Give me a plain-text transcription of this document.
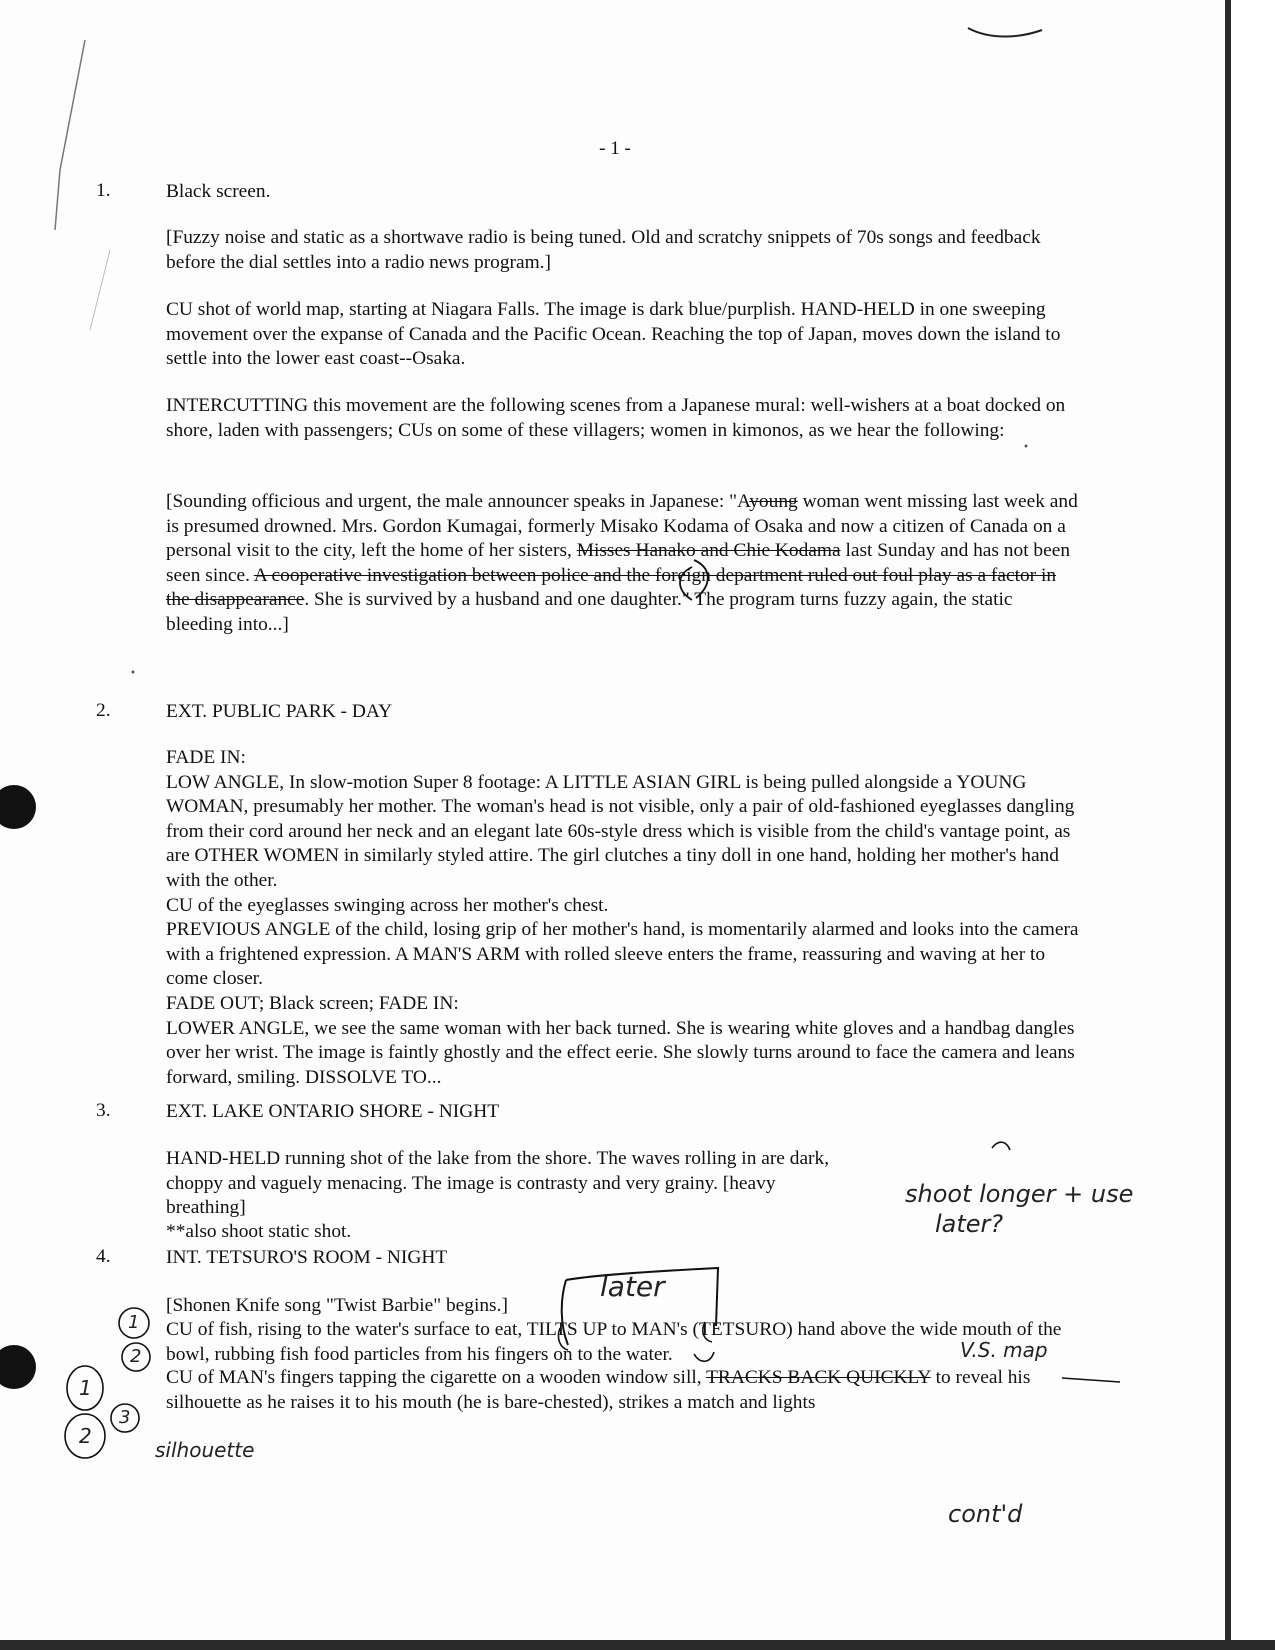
- 1 -
1.	Black screen.
[Fuzzy noise and static as a shortwave radio is being tuned. Old and scratchy snippets of 70s songs and feedback before the dial settles into a radio news program.]
CU shot of world map, starting at Niagara Falls. The image is dark blue/purplish. HAND-HELD in one sweeping movement over the expanse of Canada and the Pacific Ocean. Reaching the top of Japan, moves down the island to settle into the lower east coast--Osaka.
INTERCUTTING this movement are the following scenes from a Japanese mural: well-wishers at a boat docked on shore, laden with passengers; CUs on some of these villagers; women in kimonos, as we hear the following:
[Sounding officious and urgent, the male announcer speaks in Japanese: "Ayoung woman went missing last week and is presumed drowned. Mrs. Gordon Kumagai, formerly Misako Kodama of Osaka and now a citizen of Canada on a personal visit to the city, left the home of her sisters, Misses Hanako and Chie Kodama last Sunday and has not been seen since. A cooperative investigation between police and the foreign department ruled out foul play as a factor in the disappearance. She is survived by a husband and one daughter." The program turns fuzzy again, the static bleeding into...]
2.	EXT. PUBLIC PARK - DAY
FADE IN:
LOW ANGLE, In slow-motion Super 8 footage: A LITTLE ASIAN GIRL is being pulled alongside a YOUNG WOMAN, presumably her mother. The woman's head is not visible, only a pair of old-fashioned eyeglasses dangling from their cord around her neck and an elegant late 60s-style dress which is visible from the child's vantage point, as are OTHER WOMEN in similarly styled attire. The girl clutches a tiny doll in one hand, holding her mother's hand with the other.
CU of the eyeglasses swinging across her mother's chest.
PREVIOUS ANGLE of the child, losing grip of her mother's hand, is momentarily alarmed and looks into the camera with a frightened expression. A MAN'S ARM with rolled sleeve enters the frame, reassuring and waving at her to come closer.
FADE OUT; Black screen; FADE IN:
LOWER ANGLE, we see the same woman with her back turned. She is wearing white gloves and a handbag dangles over her wrist. The image is faintly ghostly and the effect eerie. She slowly turns around to face the camera and leans forward, smiling. DISSOLVE TO...
3.	EXT. LAKE ONTARIO SHORE - NIGHT
HAND-HELD running shot of the lake from the shore. The waves rolling in are dark, choppy and vaguely menacing. The image is contrasty and very grainy. [heavy breathing]
**also shoot static shot.
4.	INT. TETSURO'S ROOM - NIGHT
[Shonen Knife song "Twist Barbie" begins.]
CU of fish, rising to the water's surface to eat, TILTS UP to MAN's (TETSURO) hand above the wide mouth of the bowl, rubbing fish food particles from his fingers on to the water.
CU of MAN's fingers tapping the cigarette on a wooden window sill, TRACKS BACK QUICKLY to reveal his silhouette as he raises it to his mouth (he is bare-chested), strikes a match and lights
shoot longer + use
later?
later
V.S. map
silhouette
cont'd
1
2
3
1
2
